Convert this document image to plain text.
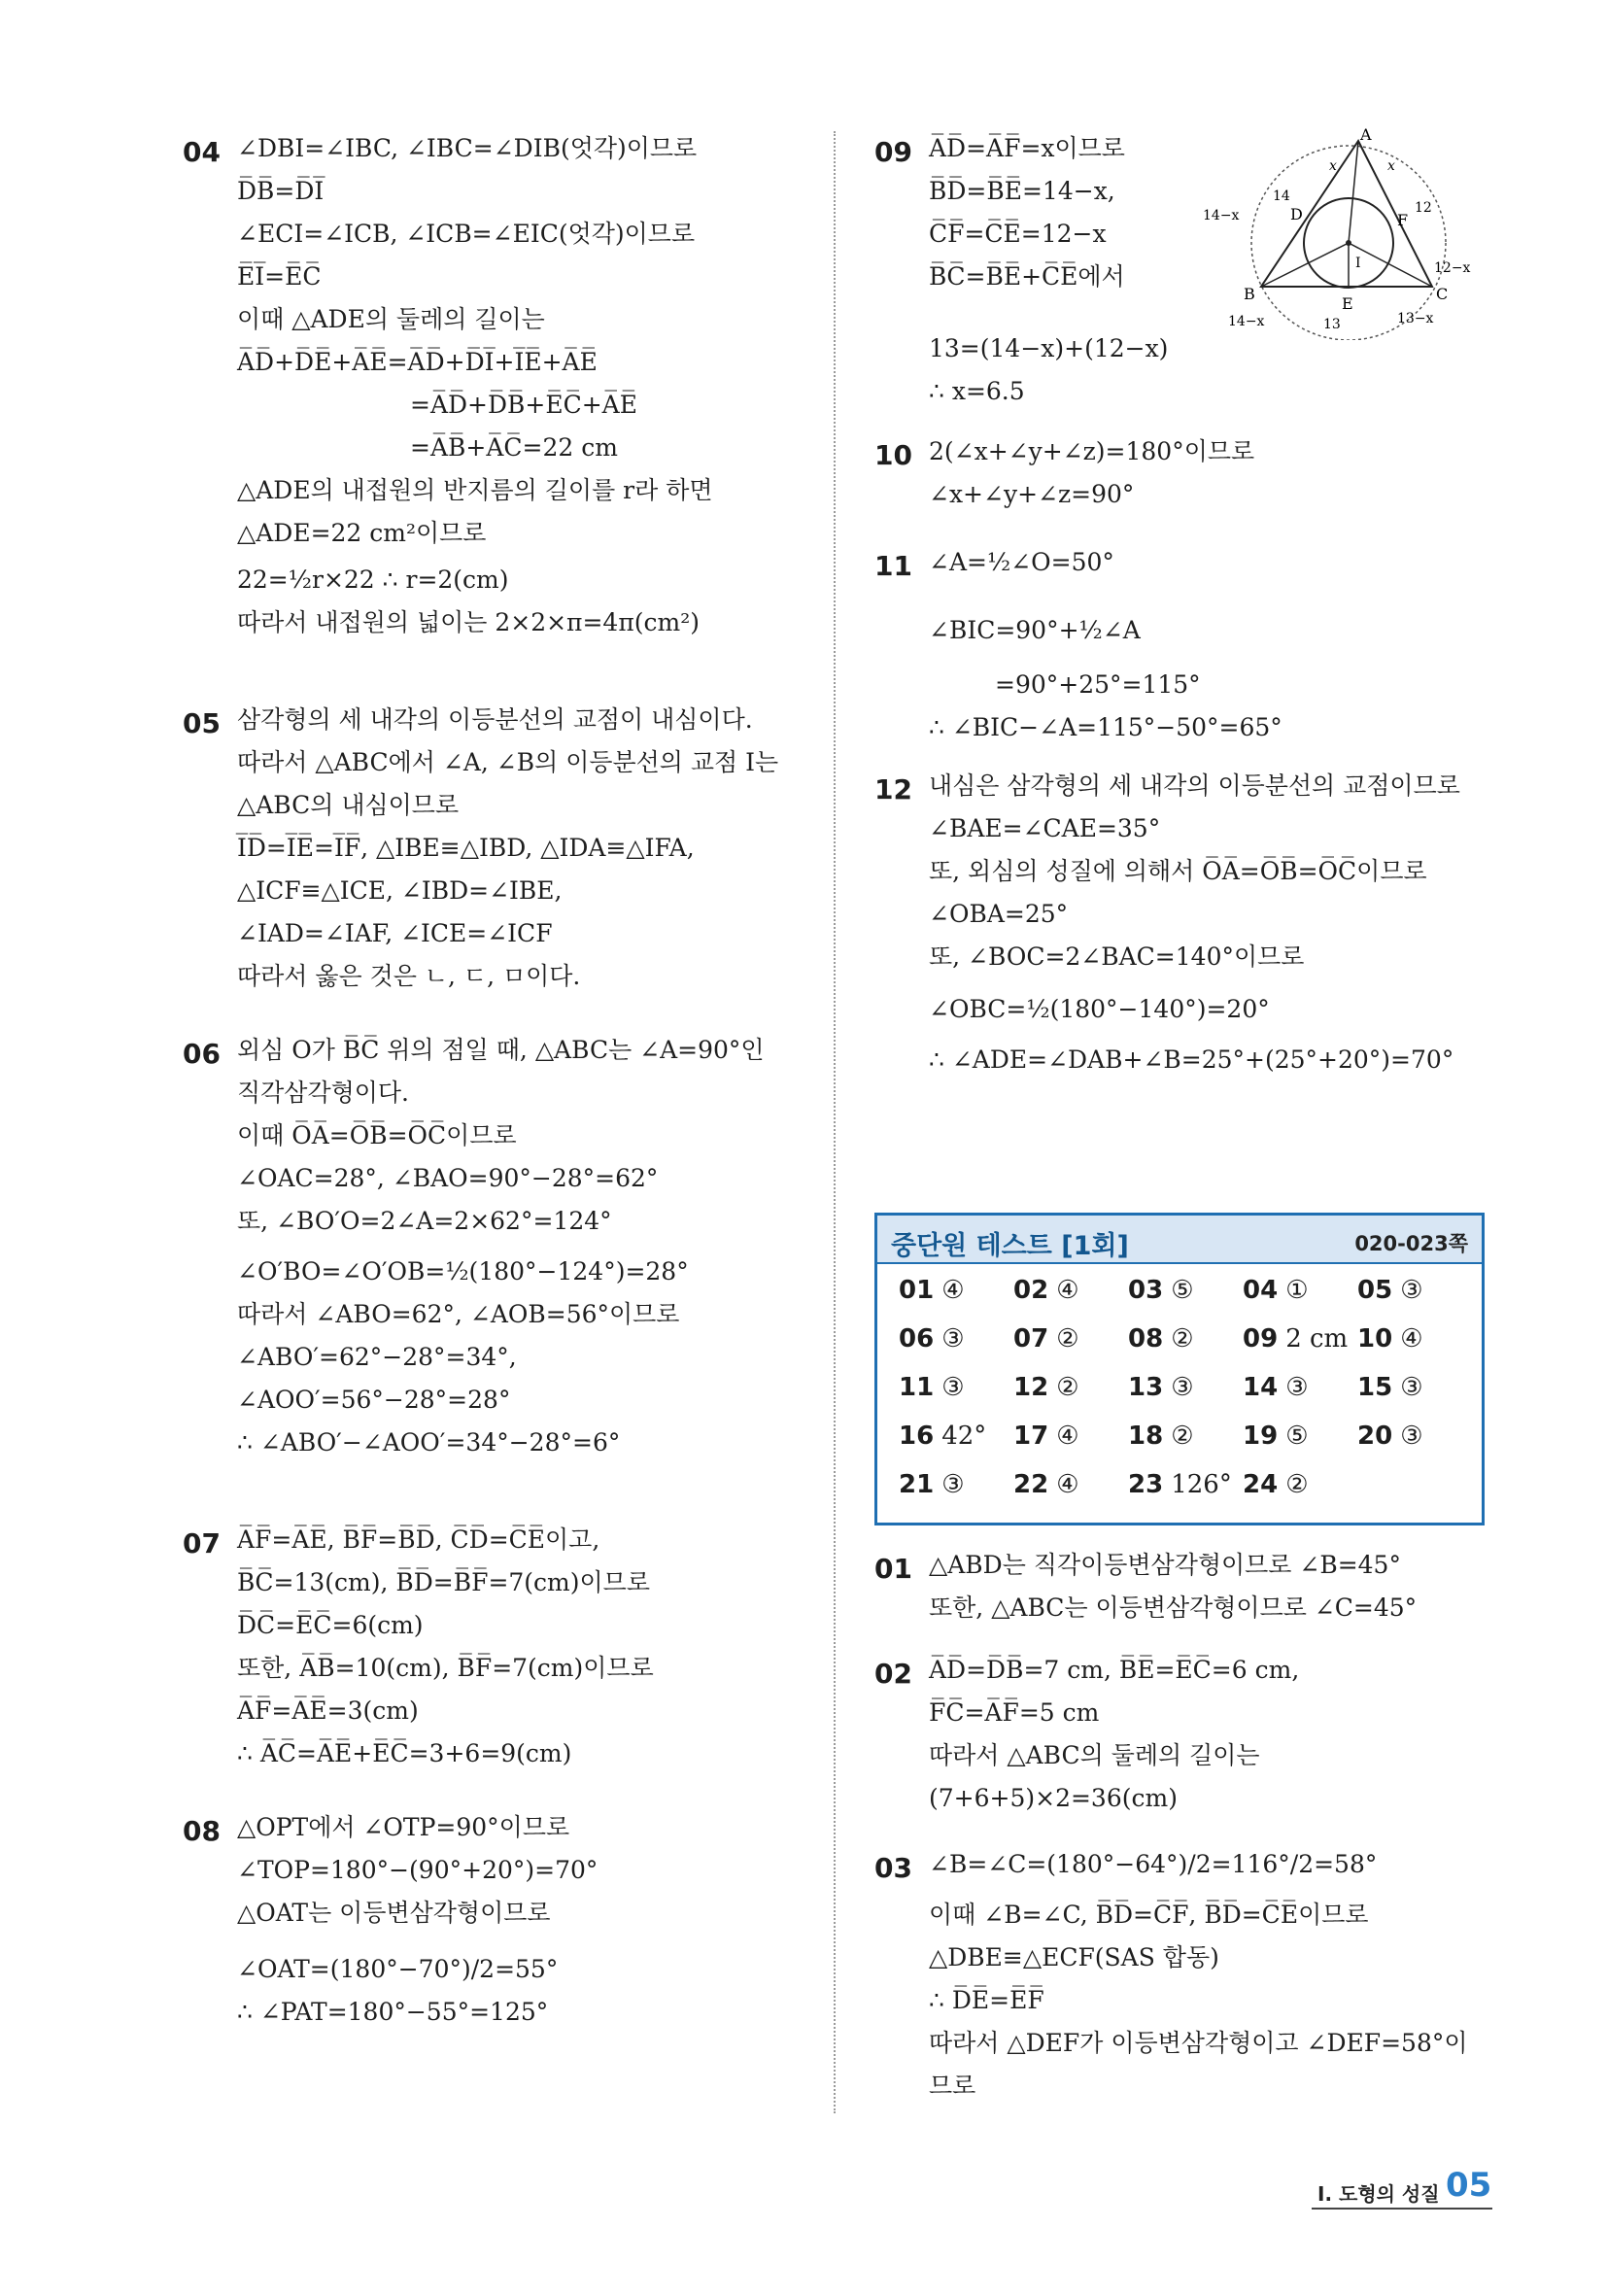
04 ∠DBI=∠IBC, ∠IBC=∠DIB(엇각)이므로
D̅B̅=D̅I̅
∠ECI=∠ICB, ∠ICB=∠EIC(엇각)이므로
E̅I̅=E̅C̅
이때 △ADE의 둘레의 길이는
A̅D̅+D̅E̅+A̅E̅=A̅D̅+D̅I̅+I̅E̅+A̅E̅
=A̅D̅+D̅B̅+E̅C̅+A̅E̅
=A̅B̅+A̅C̅=22 cm
△ADE의 내접원의 반지름의 길이를 r라 하면
△ADE=22 cm²이므로
22=½r×22 ∴ r=2(cm)
따라서 내접원의 넓이는 2×2×π=4π(cm²)
05 삼각형의 세 내각의 이등분선의 교점이 내심이다.
따라서 △ABC에서 ∠A, ∠B의 이등분선의 교점 I는
△ABC의 내심이므로
I̅D̅=I̅E̅=I̅F̅, △IBE≡△IBD, △IDA≡△IFA,
△ICF≡△ICE, ∠IBD=∠IBE,
∠IAD=∠IAF, ∠ICE=∠ICF
따라서 옳은 것은 ㄴ, ㄷ, ㅁ이다.
06 외심 O가 B̅C̅ 위의 점일 때, △ABC는 ∠A=90°인
직각삼각형이다.
이때 O̅A̅=O̅B̅=O̅C̅이므로
∠OAC=28°, ∠BAO=90°−28°=62°
또, ∠BO′O=2∠A=2×62°=124°
∠O′BO=∠O′OB=½(180°−124°)=28°
따라서 ∠ABO=62°, ∠AOB=56°이므로
∠ABO′=62°−28°=34°,
∠AOO′=56°−28°=28°
∴ ∠ABO′−∠AOO′=34°−28°=6°
07 A̅F̅=A̅E̅, B̅F̅=B̅D̅, C̅D̅=C̅E̅이고,
B̅C̅=13(cm), B̅D̅=B̅F̅=7(cm)이므로
D̅C̅=E̅C̅=6(cm)
또한, A̅B̅=10(cm), B̅F̅=7(cm)이므로
A̅F̅=A̅E̅=3(cm)
∴ A̅C̅=A̅E̅+E̅C̅=3+6=9(cm)
08 △OPT에서 ∠OTP=90°이므로
∠TOP=180°−(90°+20°)=70°
△OAT는 이등변삼각형이므로
∠OAT=(180°−70°)/2=55°
∴ ∠PAT=180°−55°=125°
09 A̅D̅=A̅F̅=x이므로
B̅D̅=B̅E̅=14−x,
C̅F̅=C̅E̅=12−x
B̅C̅=B̅E̅+C̅E̅에서
13=(14−x)+(12−x)
∴ x=6.5
10 2(∠x+∠y+∠z)=180°이므로
∠x+∠y+∠z=90°
11 ∠A=½∠O=50°
∠BIC=90°+½∠A
=90°+25°=115°
∴ ∠BIC−∠A=115°−50°=65°
12 내심은 삼각형의 세 내각의 이등분선의 교점이므로
∠BAE=∠CAE=35°
또, 외심의 성질에 의해서 O̅A̅=O̅B̅=O̅C̅이므로
∠OBA=25°
또, ∠BOC=2∠BAC=140°이므로
∠OBC=½(180°−140°)=20°
∴ ∠ADE=∠DAB+∠B=25°+(25°+20°)=70°
01 △ABD는 직각이등변삼각형이므로 ∠B=45°
또한, △ABC는 이등변삼각형이므로 ∠C=45°
02 A̅D̅=D̅B̅=7 cm, B̅E̅=E̅C̅=6 cm,
F̅C̅=A̅F̅=5 cm
따라서 △ABC의 둘레의 길이는
(7+6+5)×2=36(cm)
03 ∠B=∠C=(180°−64°)/2=116°/2=58°
이때 ∠B=∠C, B̅D̅=C̅F̅, B̅D̅=C̅E̅이므로
△DBE≡△ECF(SAS 합동)
∴ D̅E̅=E̅F̅
따라서 △DEF가 이등변삼각형이고 ∠DEF=58°이
므로
A
B	C
D
E
F
I
x	x
14
14−x	12
12−x
14−x	13	13−x
중단원 테스트 [1회]	020-023쪽
01 ④ 02 ④ 03 ⑤ 04 ① 05 ③
06 ③ 07 ② 08 ② 09 2 cm 10 ④
11 ③ 12 ② 13 ③ 14 ③ 15 ③
16 42° 17 ④ 18 ② 19 ⑤ 20 ③
21 ③ 22 ④ 23 126° 24 ②
I. 도형의 성질 05
